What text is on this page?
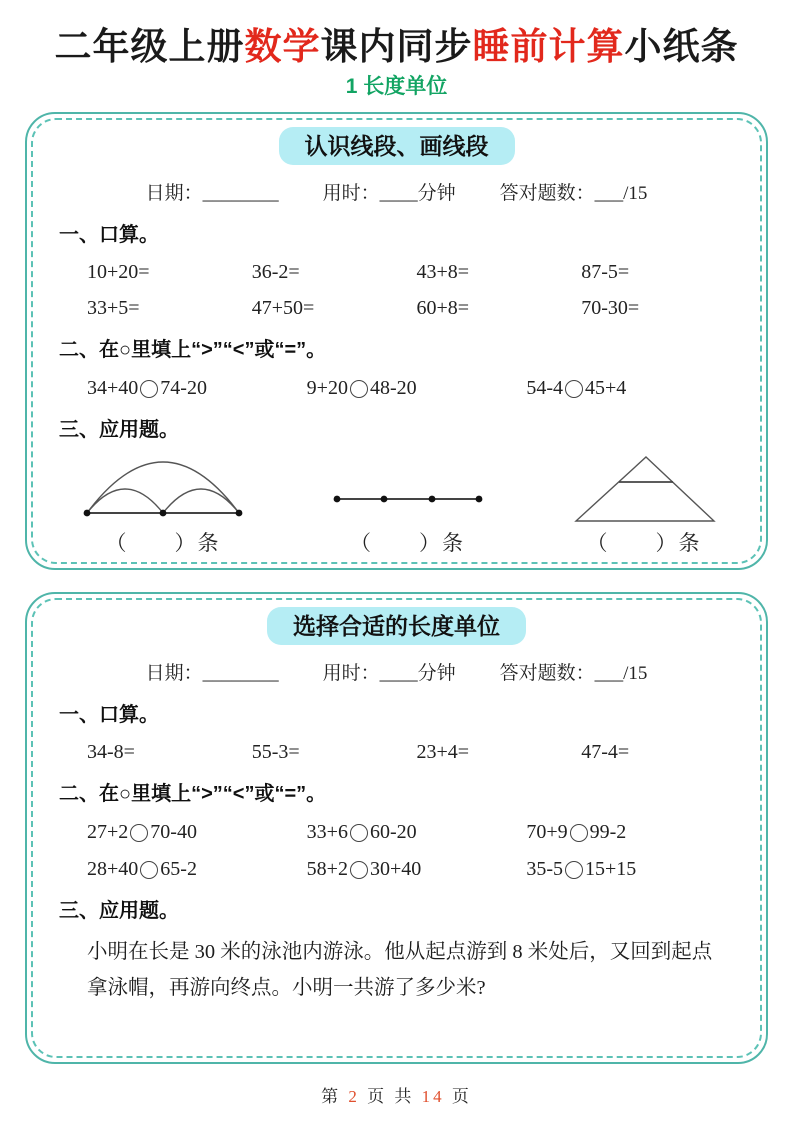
二年级上册数学课内同步睡前计算小纸条
1 长度单位
认识线段、画线段
日期：________ 用时：____分钟 答对题数：___/15
一、口算。
10+20=	36-2=	43+8=	87-5=
33+5=	47+50=	60+8=	70-30=
二、在○里填上“>”“<”或“=”。
34+40 74-20	9+20 48-20	54-4 45+4
三、应用题。
（　　）条	（　　）条	（　　）条
选择合适的长度单位
日期：________ 用时：____分钟 答对题数：___/15
一、口算。
34-8=	55-3=	23+4=	47-4=
二、在○里填上“>”“<”或“=”。
27+2 70-40	33+6 60-20	70+9 99-2
28+40 65-2	58+2 30+40	35-5 15+15
三、应用题。
小明在长是 30 米的泳池内游泳。他从起点游到 8 米处后，又回到起点拿泳帽，再游向终点。小明一共游了多少米?
第 2 页 共 14 页
